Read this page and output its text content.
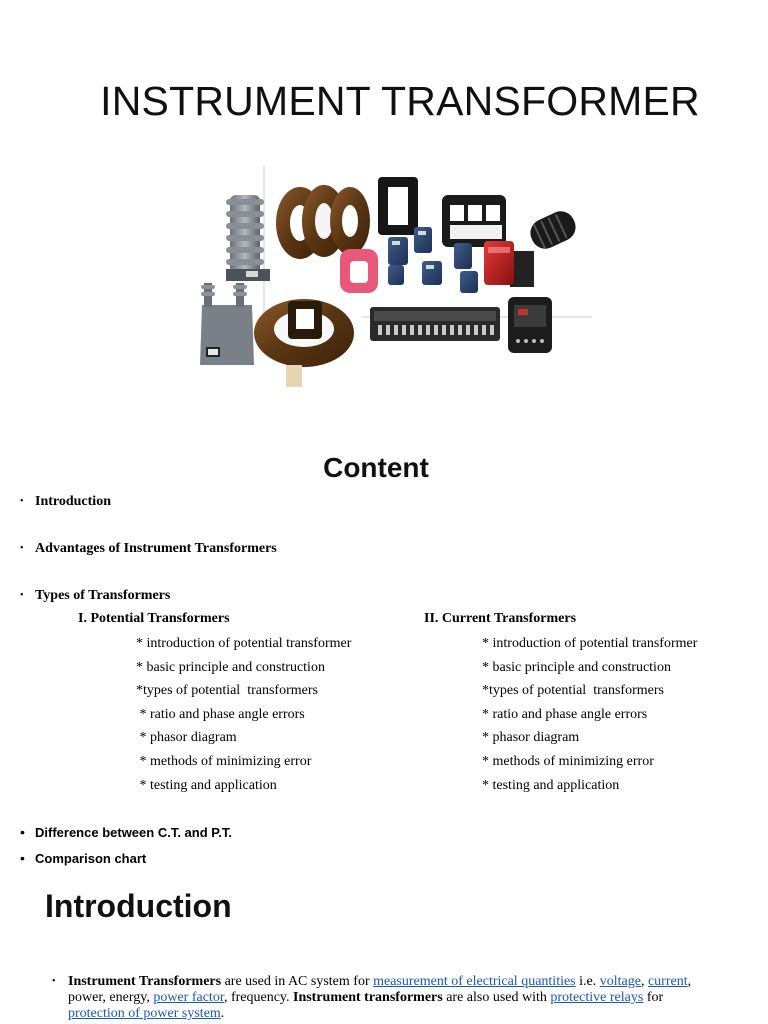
INSTRUMENT TRANSFORMER
Content
• Introduction
• Advantages of Instrument Transformers
• Types of Transformers
I. Potential Transformers
* introduction of potential transformer
* basic principle and construction
*types of potential  transformers
* ratio and phase angle errors
* phasor diagram
* methods of minimizing error
* testing and application
II. Current Transformers
* introduction of potential transformer
* basic principle and construction
*types of potential  transformers
* ratio and phase angle errors
* phasor diagram
* methods of minimizing error
* testing and application
• Difference between C.T. and P.T.
• Comparison chart
Introduction

• Instrument Transformers are used in AC system for measurement of electrical quantities i.e. voltage, current, power, energy, power factor, frequency. Instrument transformers are also used with protective relays for protection of power system.
